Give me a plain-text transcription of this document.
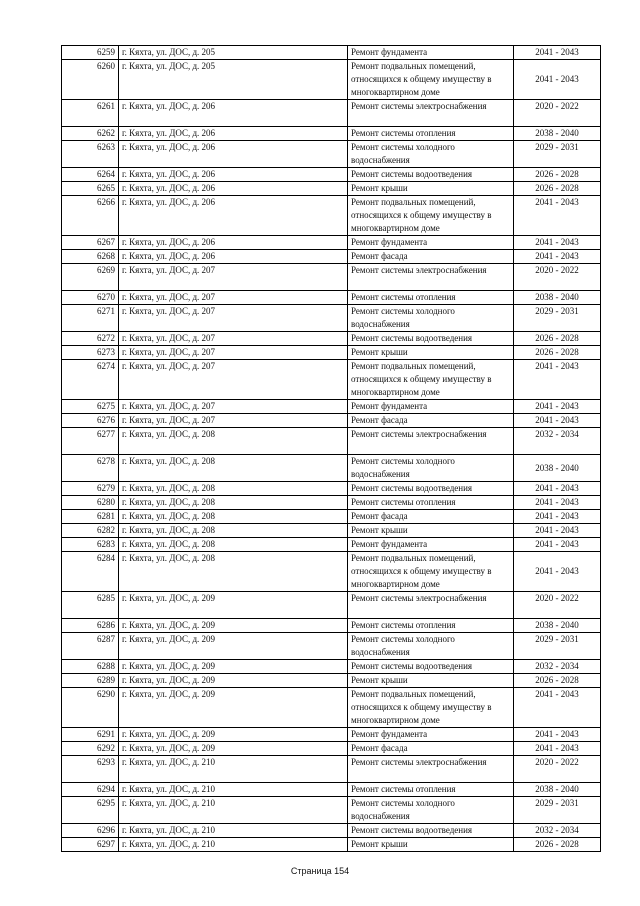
6259	г. Кяхта, ул. ДОС, д. 205	Ремонт фундамента	2041 - 2043
6260	г. Кяхта, ул. ДОС, д. 205	Ремонт подвальных помещений, относящихся к общему имуществу в многоквартирном доме	2041 - 2043
6261	г. Кяхта, ул. ДОС, д. 206	Ремонт системы электроснабжения	2020 - 2022
6262	г. Кяхта, ул. ДОС, д. 206	Ремонт системы отопления	2038 - 2040
6263	г. Кяхта, ул. ДОС, д. 206	Ремонт системы холодного водоснабжения	2029 - 2031
6264	г. Кяхта, ул. ДОС, д. 206	Ремонт системы водоотведения	2026 - 2028
6265	г. Кяхта, ул. ДОС, д. 206	Ремонт крыши	2026 - 2028
6266	г. Кяхта, ул. ДОС, д. 206	Ремонт подвальных помещений, относящихся к общему имуществу в многоквартирном доме	2041 - 2043
6267	г. Кяхта, ул. ДОС, д. 206	Ремонт фундамента	2041 - 2043
6268	г. Кяхта, ул. ДОС, д. 206	Ремонт фасада	2041 - 2043
6269	г. Кяхта, ул. ДОС, д. 207	Ремонт системы электроснабжения	2020 - 2022
6270	г. Кяхта, ул. ДОС, д. 207	Ремонт системы отопления	2038 - 2040
6271	г. Кяхта, ул. ДОС, д. 207	Ремонт системы холодного водоснабжения	2029 - 2031
6272	г. Кяхта, ул. ДОС, д. 207	Ремонт системы водоотведения	2026 - 2028
6273	г. Кяхта, ул. ДОС, д. 207	Ремонт крыши	2026 - 2028
6274	г. Кяхта, ул. ДОС, д. 207	Ремонт подвальных помещений, относящихся к общему имуществу в многоквартирном доме	2041 - 2043
6275	г. Кяхта, ул. ДОС, д. 207	Ремонт фундамента	2041 - 2043
6276	г. Кяхта, ул. ДОС, д. 207	Ремонт фасада	2041 - 2043
6277	г. Кяхта, ул. ДОС, д. 208	Ремонт системы электроснабжения	2032 - 2034
6278	г. Кяхта, ул. ДОС, д. 208	Ремонт системы холодного водоснабжения	2038 - 2040
6279	г. Кяхта, ул. ДОС, д. 208	Ремонт системы водоотведения	2041 - 2043
6280	г. Кяхта, ул. ДОС, д. 208	Ремонт системы отопления	2041 - 2043
6281	г. Кяхта, ул. ДОС, д. 208	Ремонт фасада	2041 - 2043
6282	г. Кяхта, ул. ДОС, д. 208	Ремонт крыши	2041 - 2043
6283	г. Кяхта, ул. ДОС, д. 208	Ремонт фундамента	2041 - 2043
6284	г. Кяхта, ул. ДОС, д. 208	Ремонт подвальных помещений, относящихся к общему имуществу в многоквартирном доме	2041 - 2043
6285	г. Кяхта, ул. ДОС, д. 209	Ремонт системы электроснабжения	2020 - 2022
6286	г. Кяхта, ул. ДОС, д. 209	Ремонт системы отопления	2038 - 2040
6287	г. Кяхта, ул. ДОС, д. 209	Ремонт системы холодного водоснабжения	2029 - 2031
6288	г. Кяхта, ул. ДОС, д. 209	Ремонт системы водоотведения	2032 - 2034
6289	г. Кяхта, ул. ДОС, д. 209	Ремонт крыши	2026 - 2028
6290	г. Кяхта, ул. ДОС, д. 209	Ремонт подвальных помещений, относящихся к общему имуществу в многоквартирном доме	2041 - 2043
6291	г. Кяхта, ул. ДОС, д. 209	Ремонт фундамента	2041 - 2043
6292	г. Кяхта, ул. ДОС, д. 209	Ремонт фасада	2041 - 2043
6293	г. Кяхта, ул. ДОС, д. 210	Ремонт системы электроснабжения	2020 - 2022
6294	г. Кяхта, ул. ДОС, д. 210	Ремонт системы отопления	2038 - 2040
6295	г. Кяхта, ул. ДОС, д. 210	Ремонт системы холодного водоснабжения	2029 - 2031
6296	г. Кяхта, ул. ДОС, д. 210	Ремонт системы водоотведения	2032 - 2034
6297	г. Кяхта, ул. ДОС, д. 210	Ремонт крыши	2026 - 2028
Страница 154
